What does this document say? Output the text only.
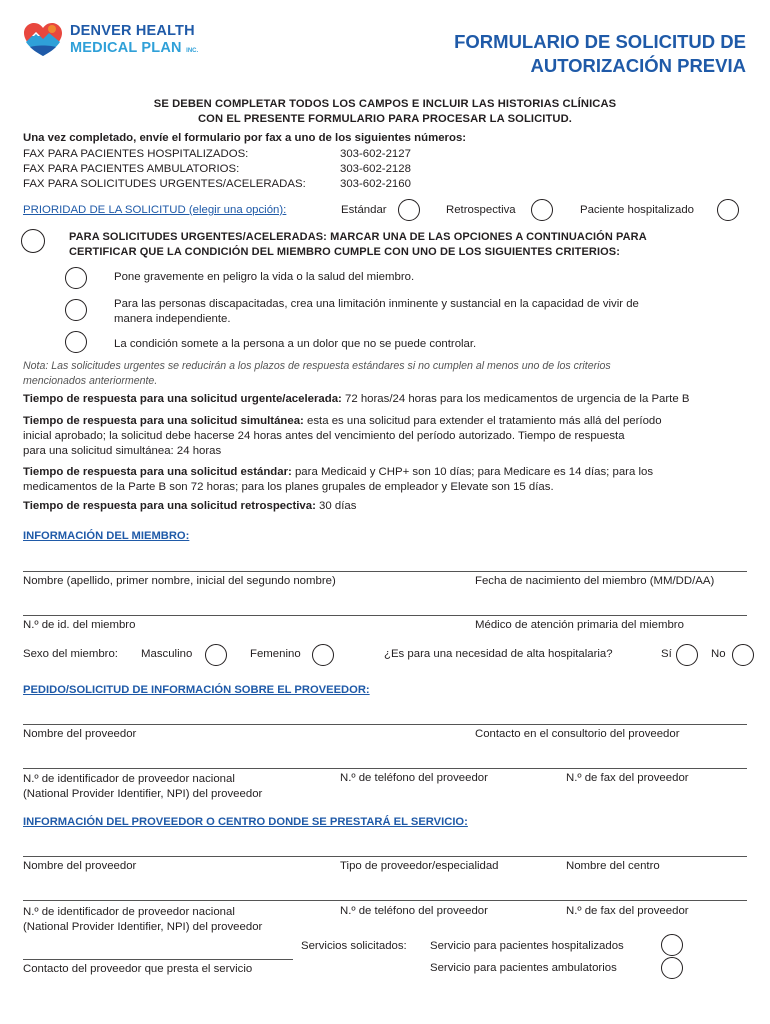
DENVER HEALTH
MEDICAL PLAN INC.	FORMULARIO DE SOLICITUD DE
AUTORIZACIÓN PREVIA
SE DEBEN COMPLETAR TODOS LOS CAMPOS E INCLUIR LAS HISTORIAS CLÍNICAS
CON EL PRESENTE FORMULARIO PARA PROCESAR LA SOLICITUD.
Una vez completado, envíe el formulario por fax a uno de los siguientes números:
FAX PARA PACIENTES HOSPITALIZADOS:	303-602-2127
FAX PARA PACIENTES AMBULATORIOS:	303-602-2128
FAX PARA SOLICITUDES URGENTES/ACELERADAS:	303-602-2160
PRIORIDAD DE LA SOLICITUD (elegir una opción):	Estándar	Retrospectiva	Paciente hospitalizado
PARA SOLICITUDES URGENTES/ACELERADAS: MARCAR UNA DE LAS OPCIONES A CONTINUACIÓN PARA
CERTIFICAR QUE LA CONDICIÓN DEL MIEMBRO CUMPLE CON UNO DE LOS SIGUIENTES CRITERIOS:
Pone gravemente en peligro la vida o la salud del miembro.
Para las personas discapacitadas, crea una limitación inminente y sustancial en la capacidad de vivir de
manera independiente.
La condición somete a la persona a un dolor que no se puede controlar.
Nota: Las solicitudes urgentes se reducirán a los plazos de respuesta estándares si no cumplen al menos uno de los criterios
mencionados anteriormente.
Tiempo de respuesta para una solicitud urgente/acelerada: 72 horas/24 horas para los medicamentos de urgencia de la Parte B
Tiempo de respuesta para una solicitud simultánea: esta es una solicitud para extender el tratamiento más allá del período
inicial aprobado; la solicitud debe hacerse 24 horas antes del vencimiento del período autorizado. Tiempo de respuesta
para una solicitud simultánea: 24 horas
Tiempo de respuesta para una solicitud estándar: para Medicaid y CHP+ son 10 días; para Medicare es 14 días; para los
medicamentos de la Parte B son 72 horas; para los planes grupales de empleador y Elevate son 15 días.
Tiempo de respuesta para una solicitud retrospectiva: 30 días
INFORMACIÓN DEL MIEMBRO:
Nombre (apellido, primer nombre, inicial del segundo nombre)	Fecha de nacimiento del miembro (MM/DD/AA)
N.º de id. del miembro	Médico de atención primaria del miembro
Sexo del miembro: Masculino	Femenino	¿Es para una necesidad de alta hospitalaria?	Sí	No
PEDIDO/SOLICITUD DE INFORMACIÓN SOBRE EL PROVEEDOR:
Nombre del proveedor	Contacto en el consultorio del proveedor
N.º de identificador de proveedor nacional
(National Provider Identifier, NPI) del proveedor
N.º de teléfono del proveedor	N.º de fax del proveedor
INFORMACIÓN DEL PROVEEDOR O CENTRO DONDE SE PRESTARÁ EL SERVICIO:
Nombre del proveedor	Tipo de proveedor/especialidad	Nombre del centro
N.º de identificador de proveedor nacional
(National Provider Identifier, NPI) del proveedor
N.º de teléfono del proveedor	N.º de fax del proveedor
Servicios solicitados: Servicio para pacientes hospitalizados
Servicio para pacientes ambulatorios
Contacto del proveedor que presta el servicio
